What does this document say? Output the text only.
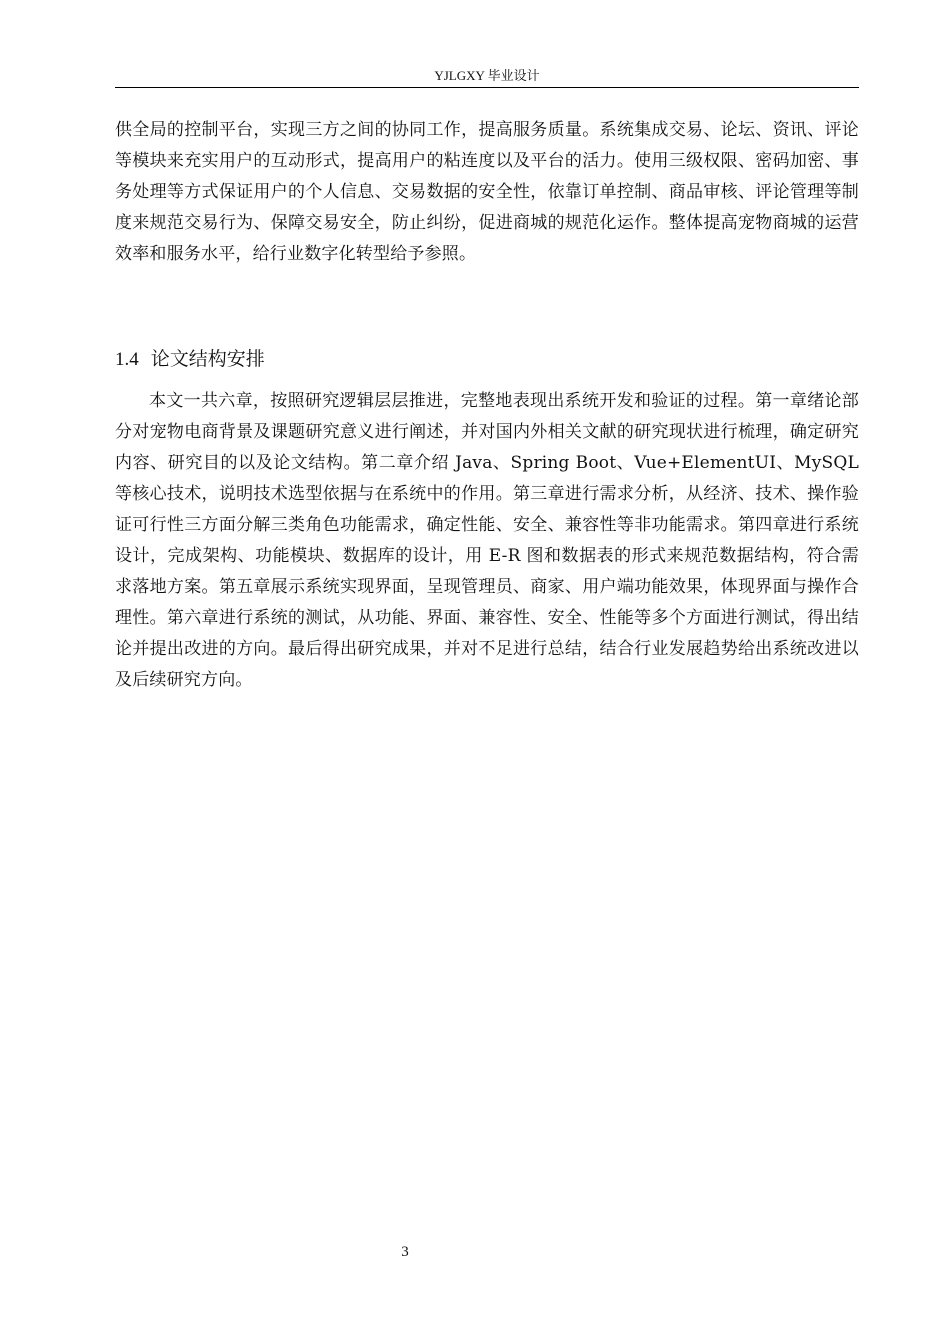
YJLGXY 毕业设计
供全局的控制平台，实现三方之间的协同工作，提高服务质量。系统集成交易、论坛、资讯、评论等模块来充实用户的互动形式，提高用户的粘连度以及平台的活力。使用三级权限、密码加密、事务处理等方式保证用户的个人信息、交易数据的安全性，依靠订单控制、商品审核、评论管理等制度来规范交易行为、保障交易安全，防止纠纷，促进商城的规范化运作。整体提高宠物商城的运营效率和服务水平，给行业数字化转型给予参照。
1.4 论文结构安排
本文一共六章，按照研究逻辑层层推进，完整地表现出系统开发和验证的过程。第一章绪论部分对宠物电商背景及课题研究意义进行阐述，并对国内外相关文献的研究现状进行梳理，确定研究内容、研究目的以及论文结构。第二章介绍 Java、Spring Boot、Vue+ElementUI、MySQL 等核心技术，说明技术选型依据与在系统中的作用。第三章进行需求分析，从经济、技术、操作验证可行性三方面分解三类角色功能需求，确定性能、安全、兼容性等非功能需求。第四章进行系统设计，完成架构、功能模块、数据库的设计，用 E-R 图和数据表的形式来规范数据结构，符合需求落地方案。第五章展示系统实现界面，呈现管理员、商家、用户端功能效果，体现界面与操作合理性。第六章进行系统的测试，从功能、界面、兼容性、安全、性能等多个方面进行测试，得出结论并提出改进的方向。最后得出研究成果，并对不足进行总结，结合行业发展趋势给出系统改进以及后续研究方向。
3
